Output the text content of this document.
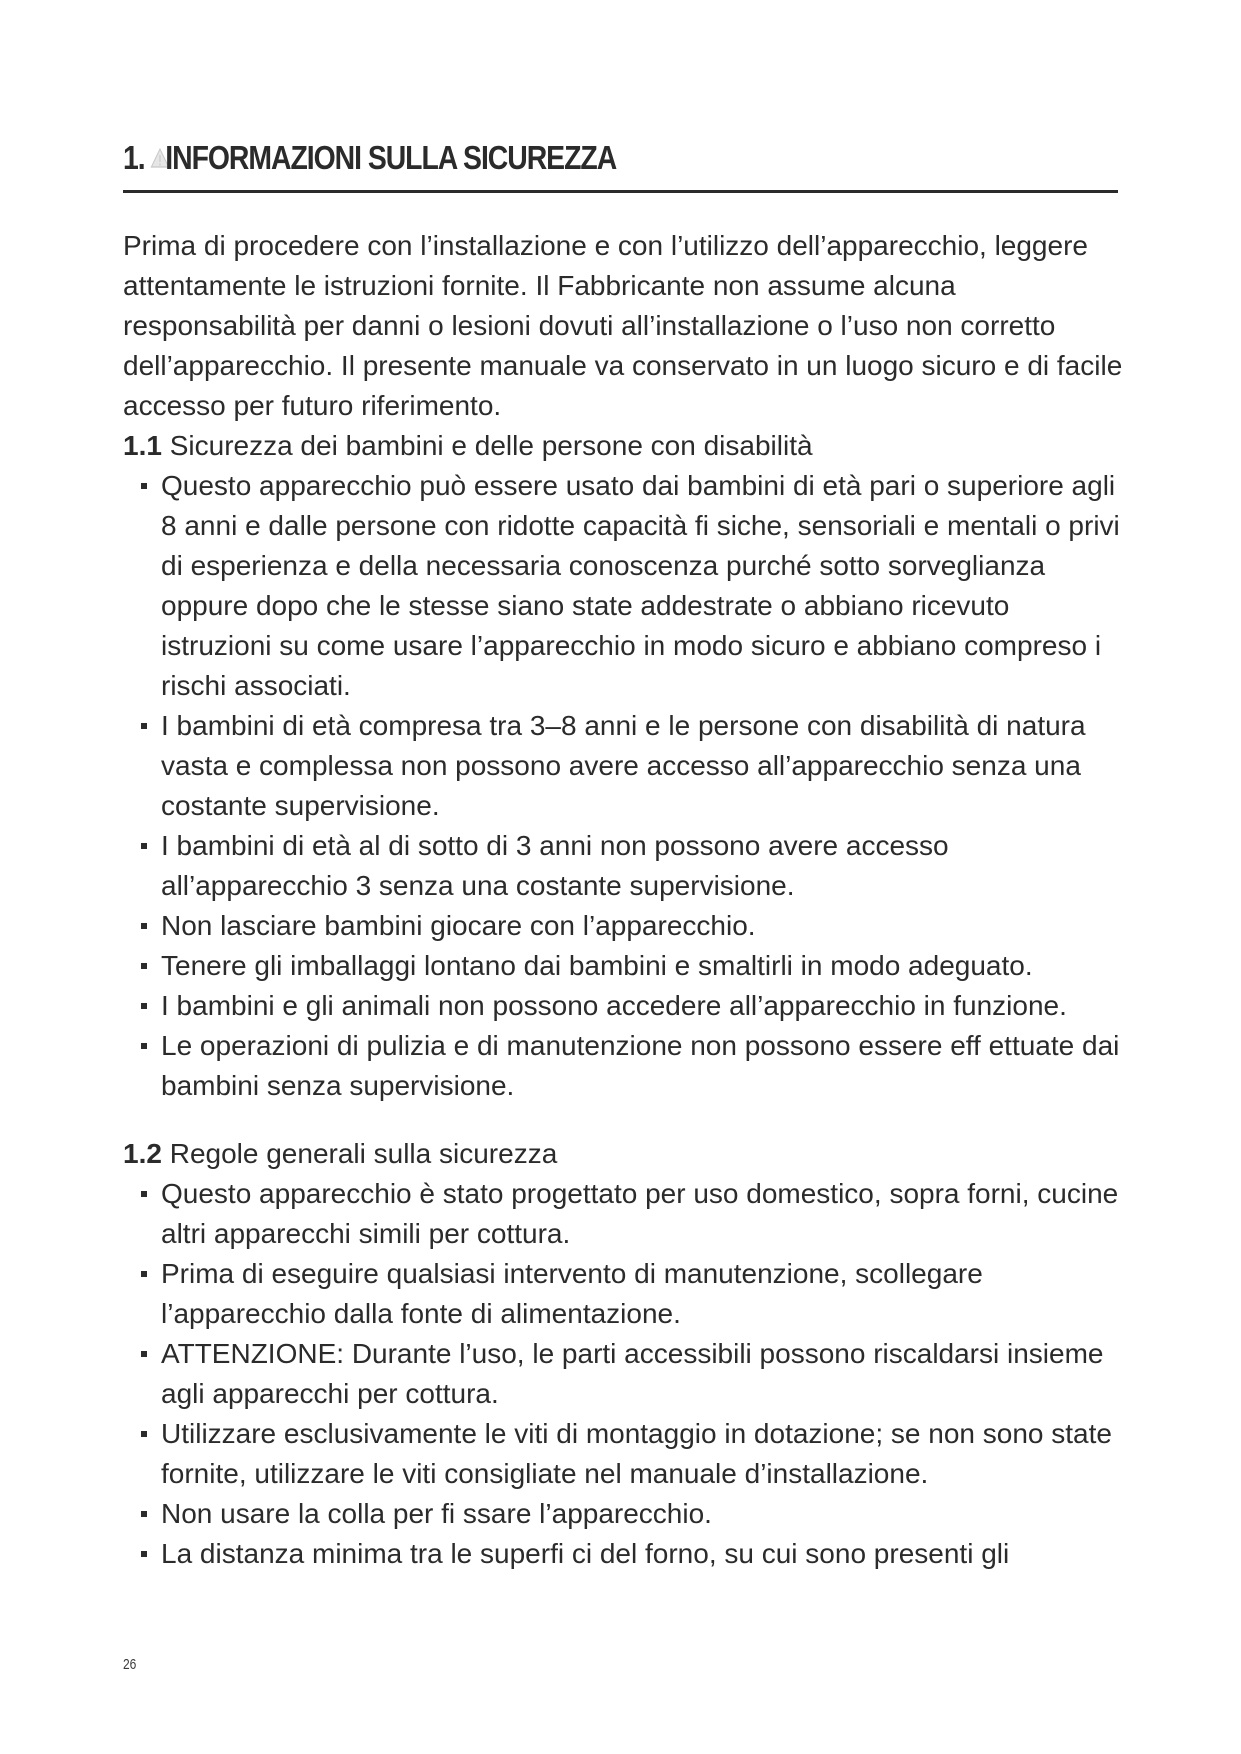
1. INFORMAZIONI SULLA SICUREZZA

Prima di procedere con l’installazione e con l’utilizzo dell’apparecchio, leggere attentamente le istruzioni fornite. Il Fabbricante non assume alcuna responsabilità per danni o lesioni dovuti all’installazione o l’uso non corretto dell’apparecchio. Il presente manuale va conservato in un luogo sicuro e di facile accesso per futuro riferimento.

1.1 Sicurezza dei bambini e delle persone con disabilità

Questo apparecchio può essere usato dai bambini di età pari o superiore agli 8 anni e dalle persone con ridotte capacità fi siche, sensoriali e mentali o privi di esperienza e della necessaria conoscenza purché sotto sorveglianza oppure dopo che le stesse siano state addestrate o abbiano ricevuto istruzioni su come usare l’apparecchio in modo sicuro e abbiano compreso i rischi associati.
I bambini di età compresa tra 3–8 anni e le persone con disabilità di natura vasta e complessa non possono avere accesso all’apparecchio senza una costante supervisione.
I bambini di età al di sotto di 3 anni non possono avere accesso all’apparecchio 3 senza una costante supervisione.
Non lasciare bambini giocare con l’apparecchio.
Tenere gli imballaggi lontano dai bambini e smaltirli in modo adeguato.
I bambini e gli animali non possono accedere all’apparecchio in funzione.
Le operazioni di pulizia e di manutenzione non possono essere eff ettuate dai bambini senza supervisione.

1.2 Regole generali sulla sicurezza

Questo apparecchio è stato progettato per uso domestico, sopra forni, cucine altri apparecchi simili per cottura.
Prima di eseguire qualsiasi intervento di manutenzione, scollegare l’apparecchio dalla fonte di alimentazione.
ATTENZIONE: Durante l’uso, le parti accessibili possono riscaldarsi insieme agli apparecchi per cottura.
Utilizzare esclusivamente le viti di montaggio in dotazione; se non sono state fornite, utilizzare le viti consigliate nel manuale d’installazione.
Non usare la colla per fi ssare l’apparecchio.
La distanza minima tra le superfi ci del forno, su cui sono presenti gli
26
